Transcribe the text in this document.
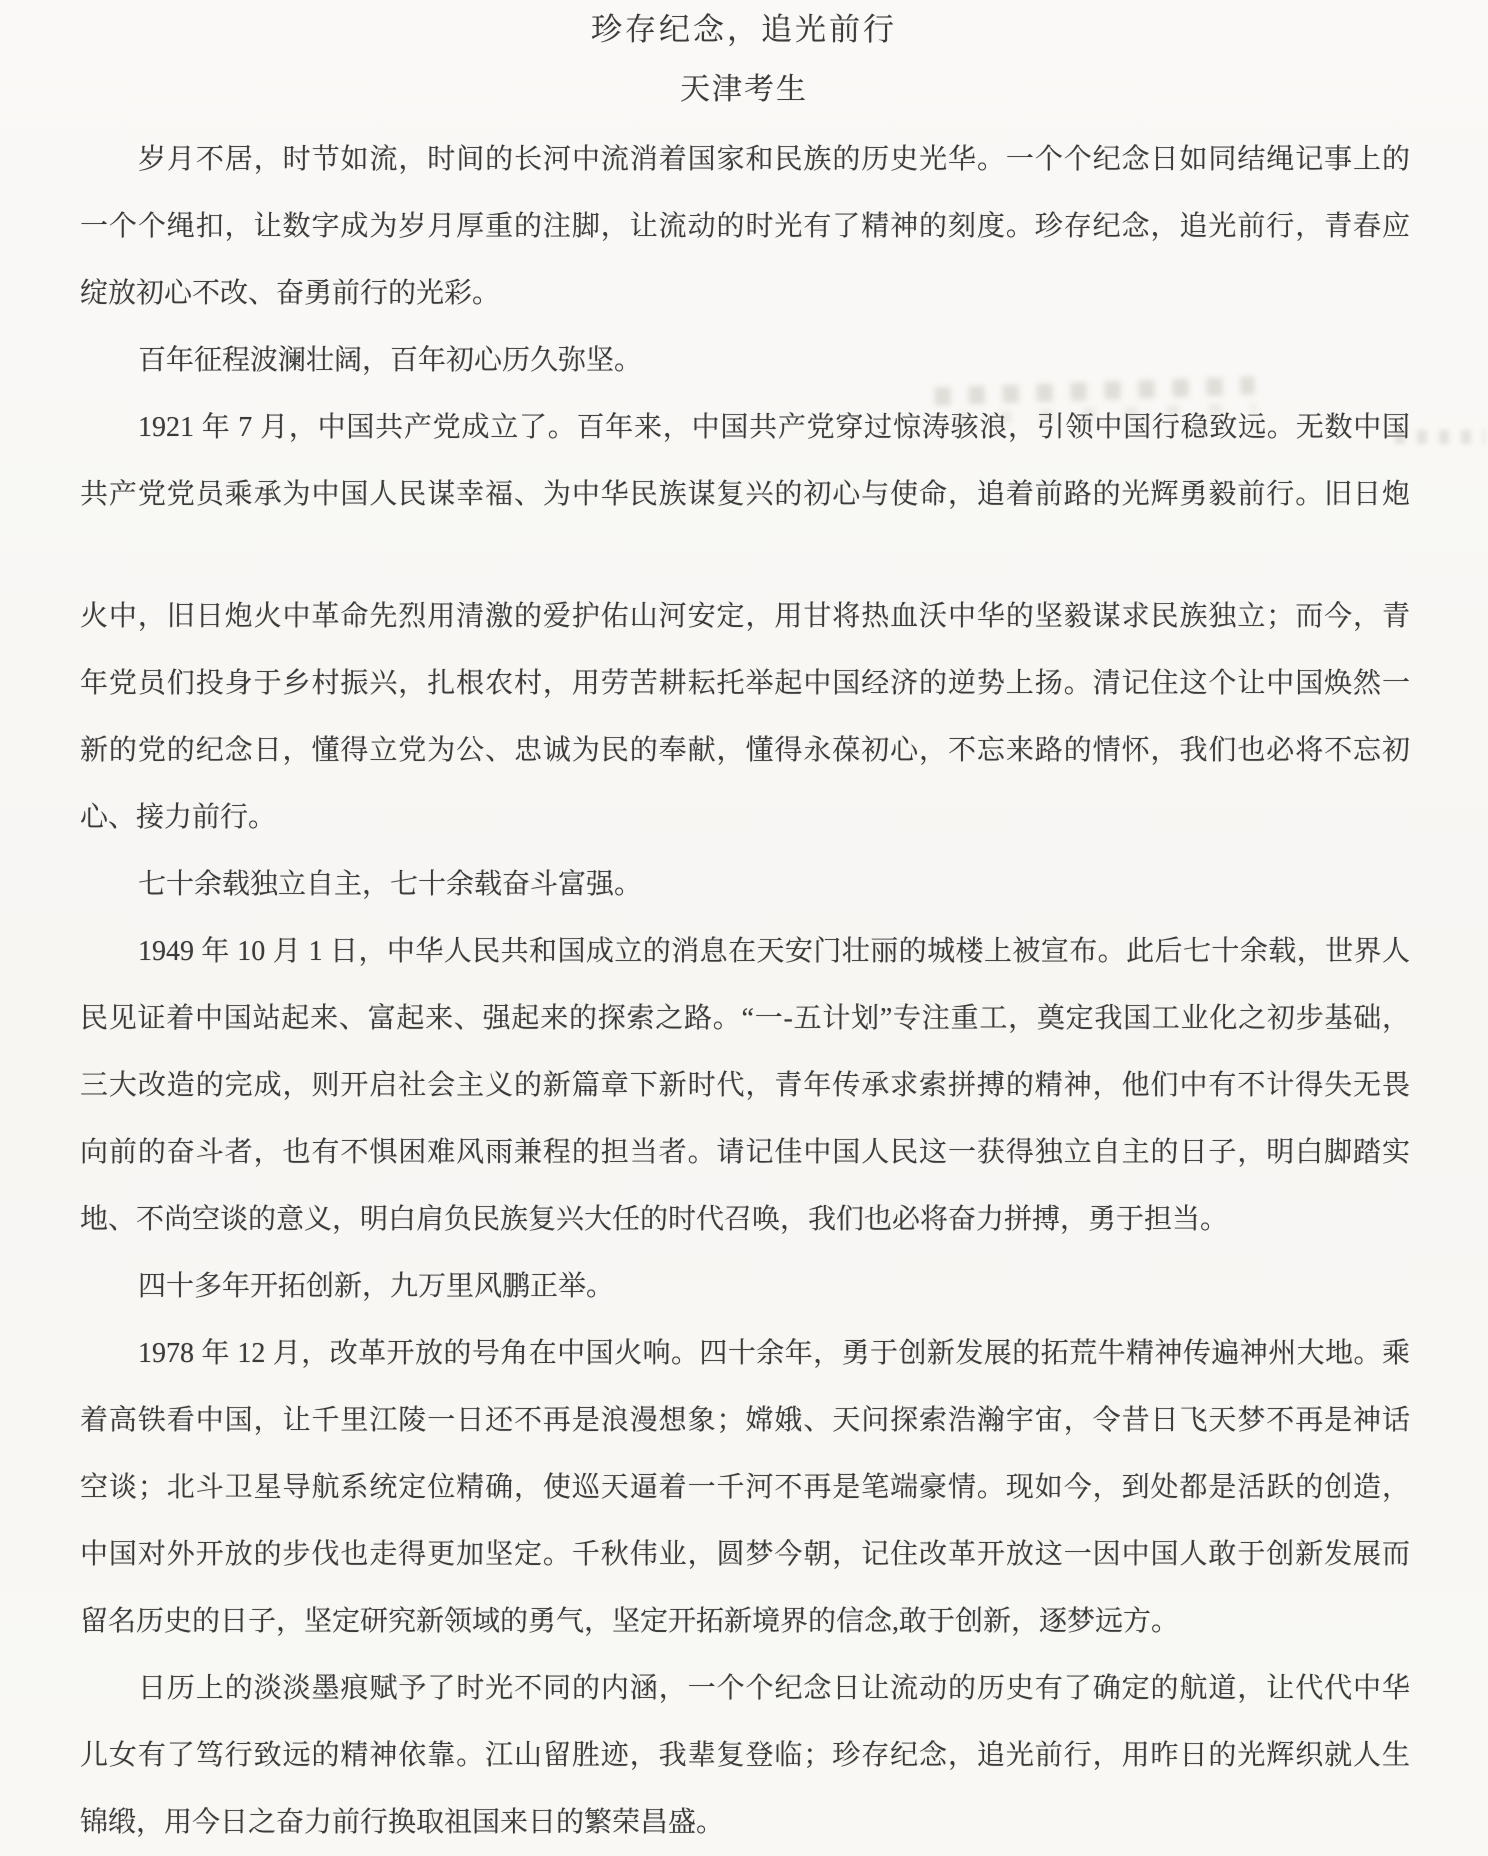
珍存纪念，追光前行
天津考生
岁月不居，时节如流，时间的长河中流消着国家和民族的历史光华。一个个纪念日如同结绳记事上的
一个个绳扣，让数字成为岁月厚重的注脚，让流动的时光有了精神的刻度。珍存纪念，追光前行，青春应
绽放初心不改、奋勇前行的光彩。
百年征程波澜壮阔，百年初心历久弥坚。
1921 年 7 月，中国共产党成立了。百年来，中国共产党穿过惊涛骇浪，引领中国行稳致远。无数中国
共产党党员乘承为中国人民谋幸福、为中华民族谋复兴的初心与使命，追着前路的光辉勇毅前行。旧日炮
火中，旧日炮火中革命先烈用清激的爱护佑山河安定，用甘将热血沃中华的坚毅谋求民族独立；而今，青
年党员们投身于乡村振兴，扎根农村，用劳苦耕耘托举起中国经济的逆势上扬。清记住这个让中国焕然一
新的党的纪念日，懂得立党为公、忠诚为民的奉献，懂得永葆初心，不忘来路的情怀，我们也必将不忘初
心、接力前行。
七十余载独立自主，七十余载奋斗富强。
1949 年 10 月 1 日，中华人民共和国成立的消息在天安门壮丽的城楼上被宣布。此后七十余载，世界人
民见证着中国站起来、富起来、强起来的探索之路。“一-五计划”专注重工，奠定我国工业化之初步基础，
三大改造的完成，则开启社会主义的新篇章下新时代，青年传承求索拼搏的精神，他们中有不计得失无畏
向前的奋斗者，也有不惧困难风雨兼程的担当者。请记佳中国人民这一获得独立自主的日子，明白脚踏实
地、不尚空谈的意义，明白肩负民族复兴大任的时代召唤，我们也必将奋力拼搏，勇于担当。
四十多年开拓创新，九万里风鹏正举。
1978 年 12 月，改革开放的号角在中国火响。四十余年，勇于创新发展的拓荒牛精神传遍神州大地。乘
着高铁看中国，让千里江陵一日还不再是浪漫想象；嫦娥、天问探索浩瀚宇宙，令昔日飞天梦不再是神话
空谈；北斗卫星导航系统定位精确，使巡天逼着一千河不再是笔端豪情。现如今，到处都是活跃的创造，
中国对外开放的步伐也走得更加坚定。千秋伟业，圆梦今朝，记住改革开放这一因中国人敢于创新发展而
留名历史的日子，坚定研究新领域的勇气，坚定开拓新境界的信念,敢于创新，逐梦远方。
日历上的淡淡墨痕赋予了时光不同的内涵，一个个纪念日让流动的历史有了确定的航道，让代代中华
儿女有了笃行致远的精神依靠。江山留胜迹，我辈复登临；珍存纪念，追光前行，用昨日的光辉织就人生
锦缎，用今日之奋力前行换取祖国来日的繁荣昌盛。
